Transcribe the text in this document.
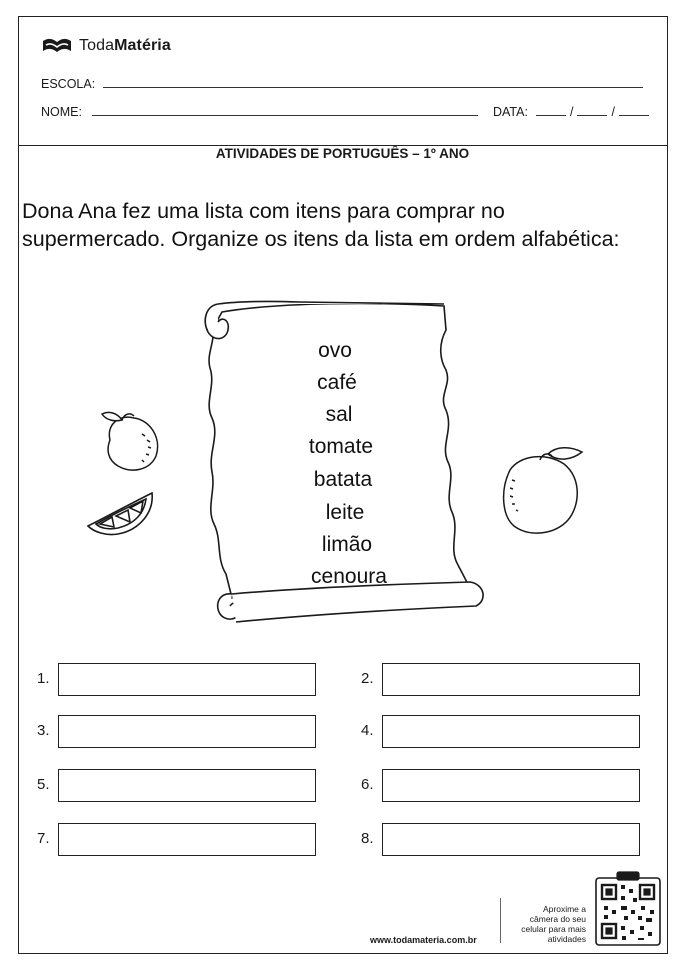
TodaMatéria
ESCOLA:
NOME:	DATA:	/	/
ATIVIDADES DE PORTUGUÊS – 1º ANO
Dona Ana fez uma lista com itens para comprar no supermercado. Organize os itens da lista em ordem alfabética:
ovo
café
sal
tomate
batata
leite
limão
cenoura
1.	2.
3.	4.
5.	6.
7.	8.
www.todamateria.com.br
Aproxime a
câmera do seu
celular para mais
atividades
